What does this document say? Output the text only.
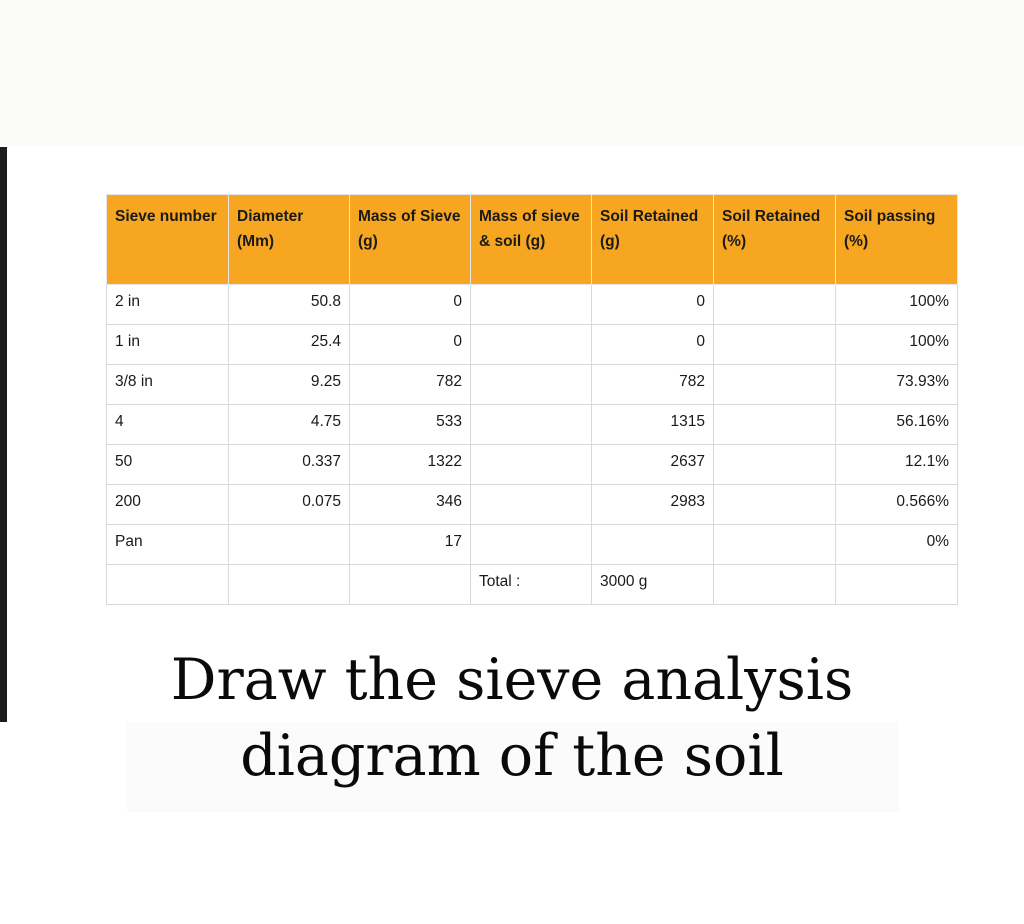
Sieve number	Diameter (Mm)	Mass of Sieve (g)	Mass of sieve & soil (g)	Soil Retained (g)	Soil Retained (%)	Soil passing (%)
2 in	50.8	0		0		100%
1 in	25.4	0		0		100%
3/8 in	9.25	782		782		73.93%
4	4.75	533		1315		56.16%
50	0.337	1322		2637		12.1%
200	0.075	346		2983		0.566%
Pan		17				0%
			Total :	3000 g		
Draw the sieve analysis
diagram of the soil
